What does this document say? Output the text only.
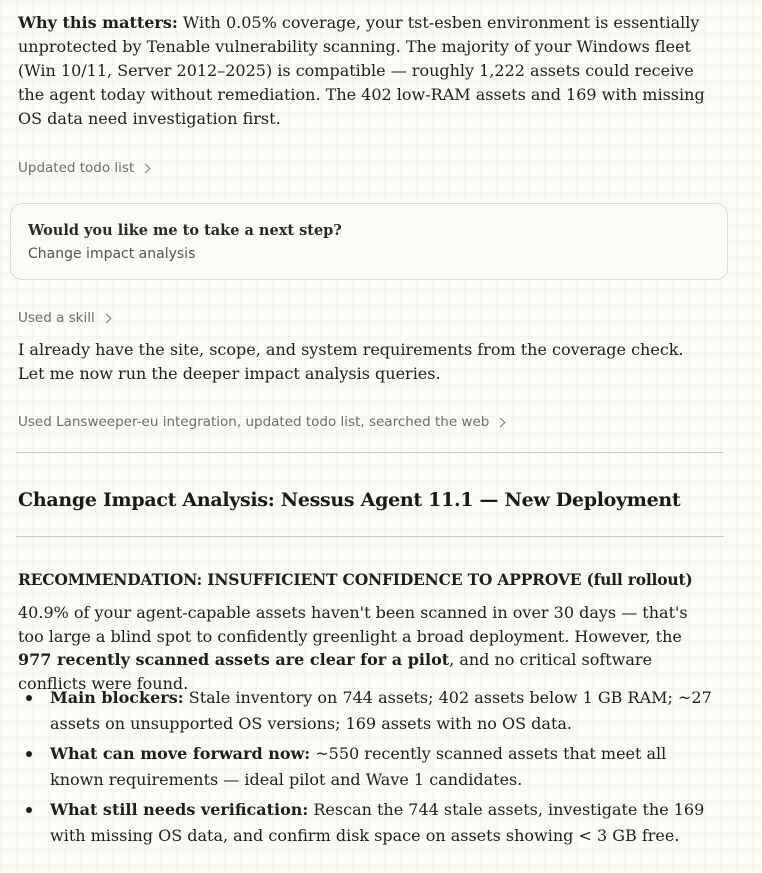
Why this matters: With 0.05% coverage, your tst-esben environment is essentially unprotected by Tenable vulnerability scanning. The majority of your Windows fleet (Win 10/11, Server 2012–2025) is compatible — roughly 1,222 assets could receive the agent today without remediation. The 402 low-RAM assets and 169 with missing OS data need investigation first.

Updated todo list
Would you like me to take a next step?
Change impact analysis
Used a skill

I already have the site, scope, and system requirements from the coverage check. Let me now run the deeper impact analysis queries.

Used Lansweeper-eu integration, updated todo list, searched the web
Change Impact Analysis: Nessus Agent 11.1 — New Deployment
RECOMMENDATION: INSUFFICIENT CONFIDENCE TO APPROVE (full rollout)

40.9% of your agent-capable assets haven't been scanned in over 30 days — that's too large a blind spot to confidently greenlight a broad deployment. However, the 977 recently scanned assets are clear for a pilot, and no critical software conflicts were found.

Main blockers: Stale inventory on 744 assets; 402 assets below 1 GB RAM; ~27 assets on unsupported OS versions; 169 assets with no OS data.
What can move forward now: ~550 recently scanned assets that meet all known requirements — ideal pilot and Wave 1 candidates.
What still needs verification: Rescan the 744 stale assets, investigate the 169 with missing OS data, and confirm disk space on assets showing < 3 GB free.
